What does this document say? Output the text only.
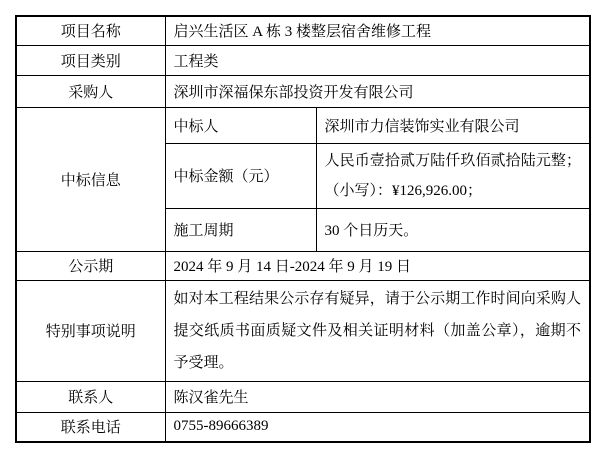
项目名称	启兴生活区 A 栋 3 楼整层宿舍维修工程	
项目类别	工程类	
采购人	深圳市深福保东部投资开发有限公司	
中标信息	中标人	深圳市力信装饰实业有限公司
	中标金额（元）	人民币壹拾贰万陆仟玖佰贰拾陆元整；（小写）：¥126,926.00；
	施工周期	30 个日历天。
公示期	2024 年 9 月 14 日-2024 年 9 月 19 日	
特别事项说明	如对本工程结果公示存有疑异，请于公示期工作时间向采购人提交纸质书面质疑文件及相关证明材料（加盖公章），逾期不予受理。	
联系人	陈汉雀先生	
联系电话	0755-89666389	
